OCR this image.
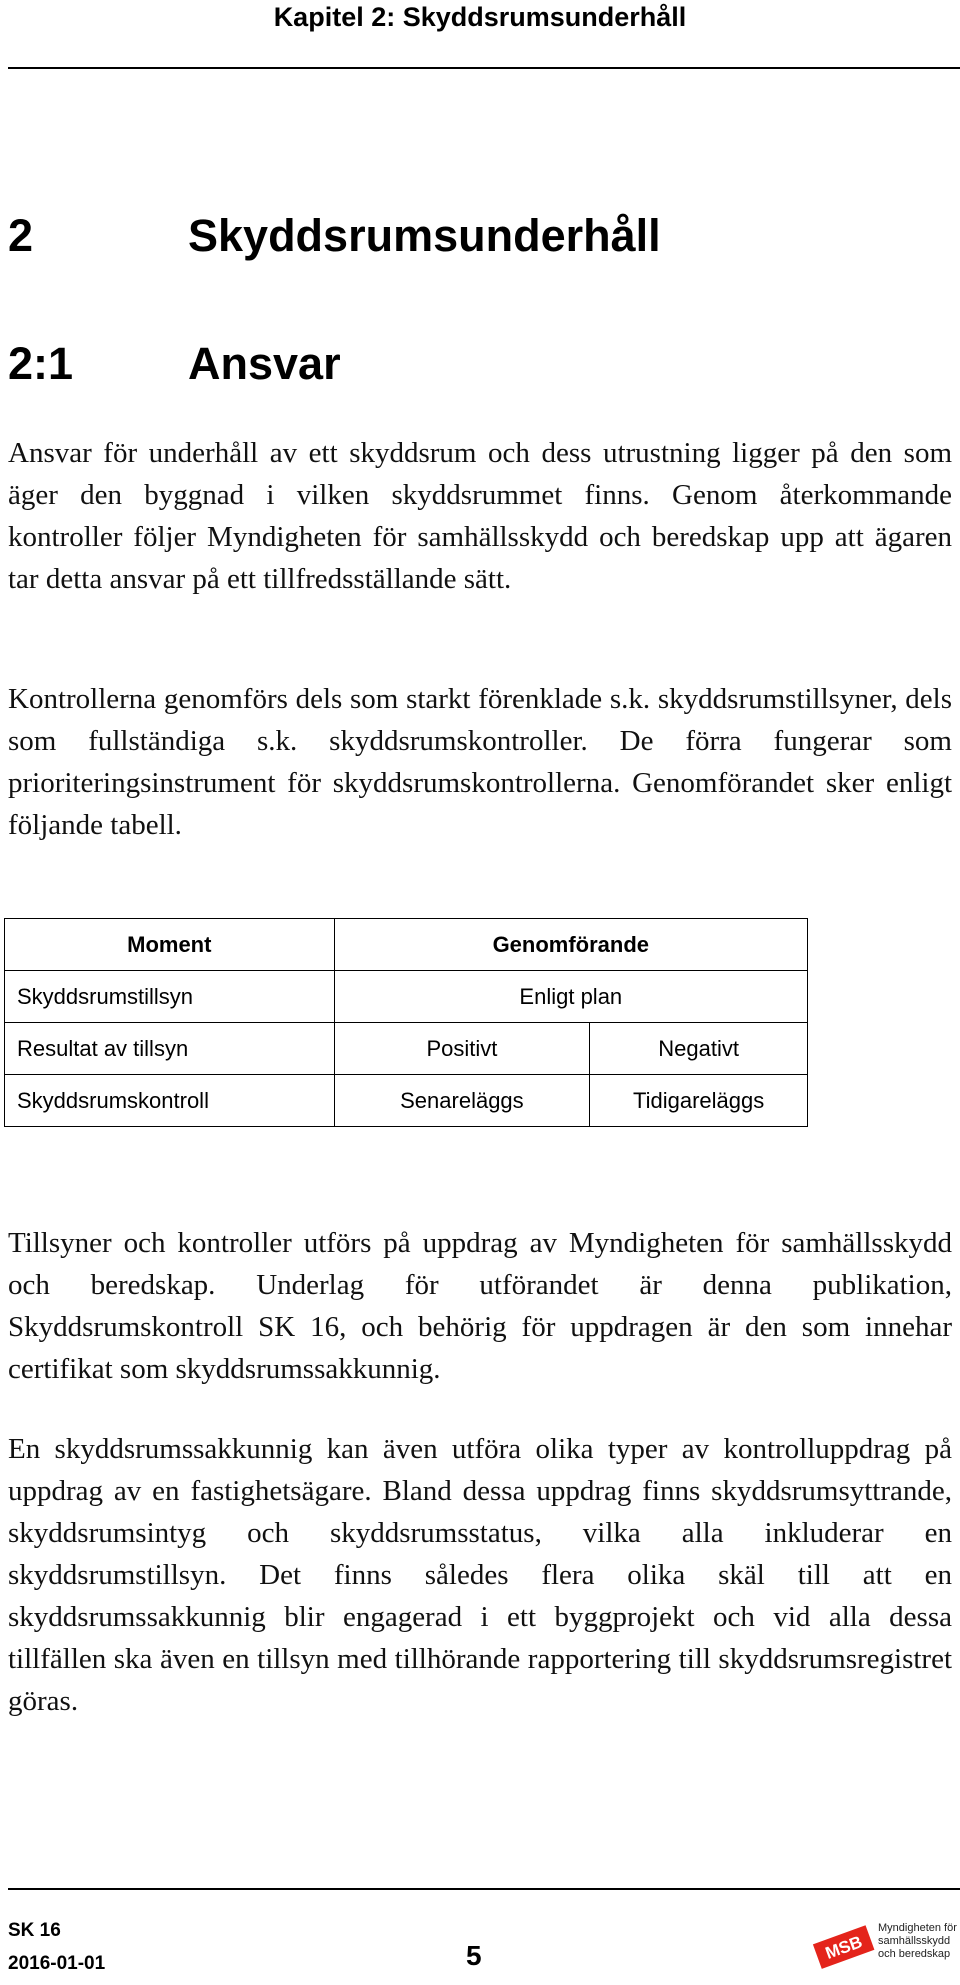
Kapitel 2: Skyddsrumsunderhåll
2	Skyddsrumsunderhåll
2:1	Ansvar

Ansvar för underhåll av ett skyddsrum och dess utrustning ligger på den som äger den byggnad i vilken skyddsrummet finns. Genom återkommande kontroller följer Myndigheten för samhällsskydd och beredskap upp att ägaren tar detta ansvar på ett tillfredsställande sätt.

Kontrollerna genomförs dels som starkt förenklade s.k. skyddsrumstillsyner, dels som fullständiga s.k. skyddsrumskontroller. De förra fungerar som prioriteringsinstrument för skyddsrumskontrollerna. Genomförandet sker enligt följande tabell.

Moment	Genomförande	
Skyddsrumstillsyn	Enligt plan	
Resultat av tillsyn	Positivt	Negativt
Skyddsrumskontroll	Senareläggs	Tidigareläggs

Tillsyner och kontroller utförs på uppdrag av Myndigheten för samhällsskydd och beredskap. Underlag för utförandet är denna publikation, Skyddsrumskontroll SK 16, och behörig för uppdragen är den som innehar certifikat som skyddsrumssakkunnig.

En skyddsrumssakkunnig kan även utföra olika typer av kontrolluppdrag på uppdrag av en fastighetsägare. Bland dessa uppdrag finns skyddsrumsyttrande, skyddsrumsintyg och skyddsrumsstatus, vilka alla inkluderar en skyddsrumstillsyn. Det finns således flera olika skäl till att en skyddsrumssakkunnig blir engagerad i ett byggprojekt och vid alla dessa tillfällen ska även en tillsyn med tillhörande rapportering till skyddsrumsregistret göras.

SK 16
2016-01-01	5	MSB
Myndigheten för
samhällsskydd
och beredskap
